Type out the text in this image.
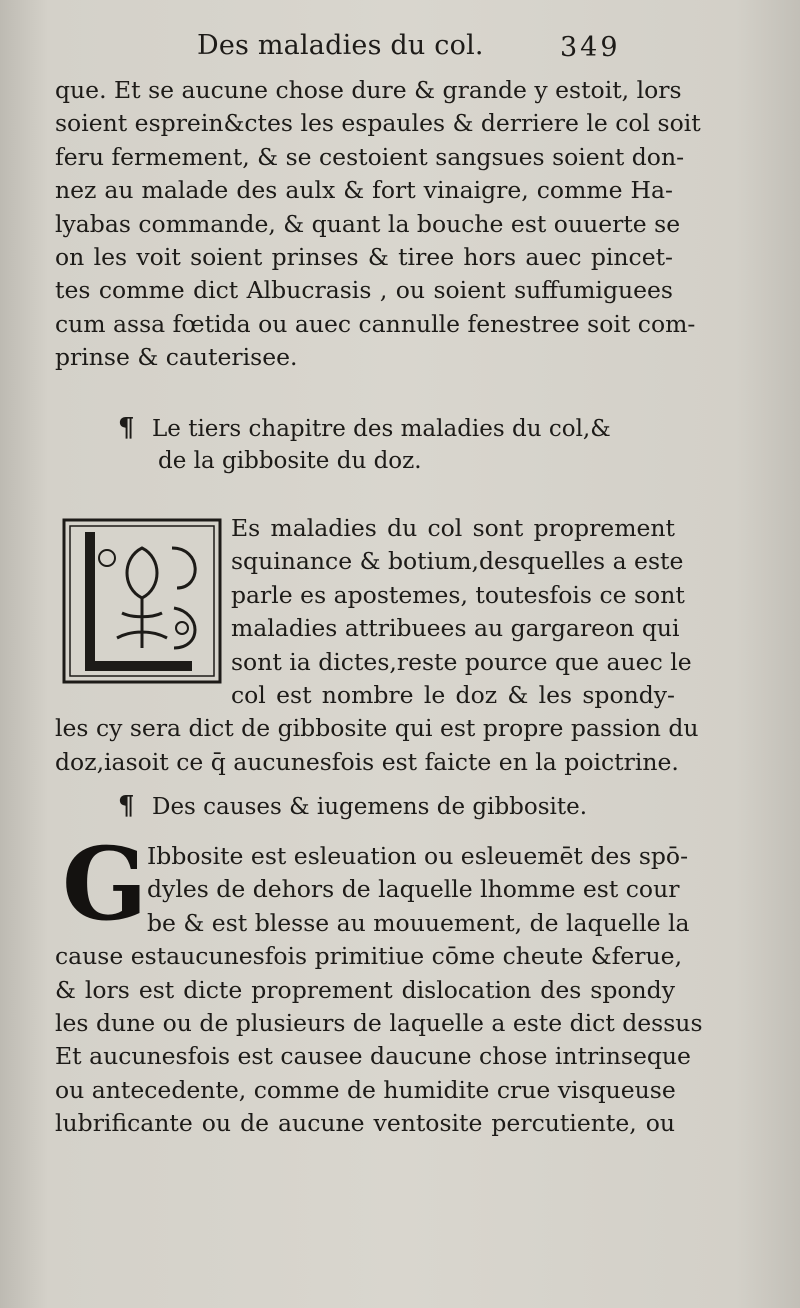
Des maladies du col.	349
que. Et se aucune chose dure & grande y estoit, lors
soient esprein&ctes les espaules & derriere le col soit
feru fermement, & se cestoient sangsues soient don-
nez au malade des aulx & fort vinaigre, comme Ha-
lyabas commande, & quant la bouche est ouuerte se
on les voit soient prinses & tiree hors auec pincet-
tes comme dict Albucrasis , ou soient suffumiguees
cum assa fœtida ou auec cannulle fenestree soit com-
prinse & cauterisee.
¶ Le tiers chapitre des maladies du col,&
de la gibbosite du doz.
Es maladies du col sont proprement
squinance & botium,desquelles a este
parle es apostemes, toutesfois ce sont
maladies attribuees au gargareon qui
sont ia dictes,reste pource que auec le
col est nombre le doz & les spondy-
les cy sera dict de gibbosite qui est propre passion du
doz,iasoit ce q̄ aucunesfois est faicte en la poictrine.
¶ Des causes & iugemens de gibbosite.
G Ibbosite est esleuation ou esleuemēt des spō-
dyles de dehors de laquelle lhomme est cour
be & est blesse au mouuement, de laquelle la
cause estaucunesfois primitiue cōme cheute &ferue,
& lors est dicte proprement dislocation des spondy
les dune ou de plusieurs de laquelle a este dict dessus
Et aucunesfois est causee daucune chose intrinseque
ou antecedente, comme de humidite crue visqueuse
lubrificante ou de aucune ventosite percutiente, ou
